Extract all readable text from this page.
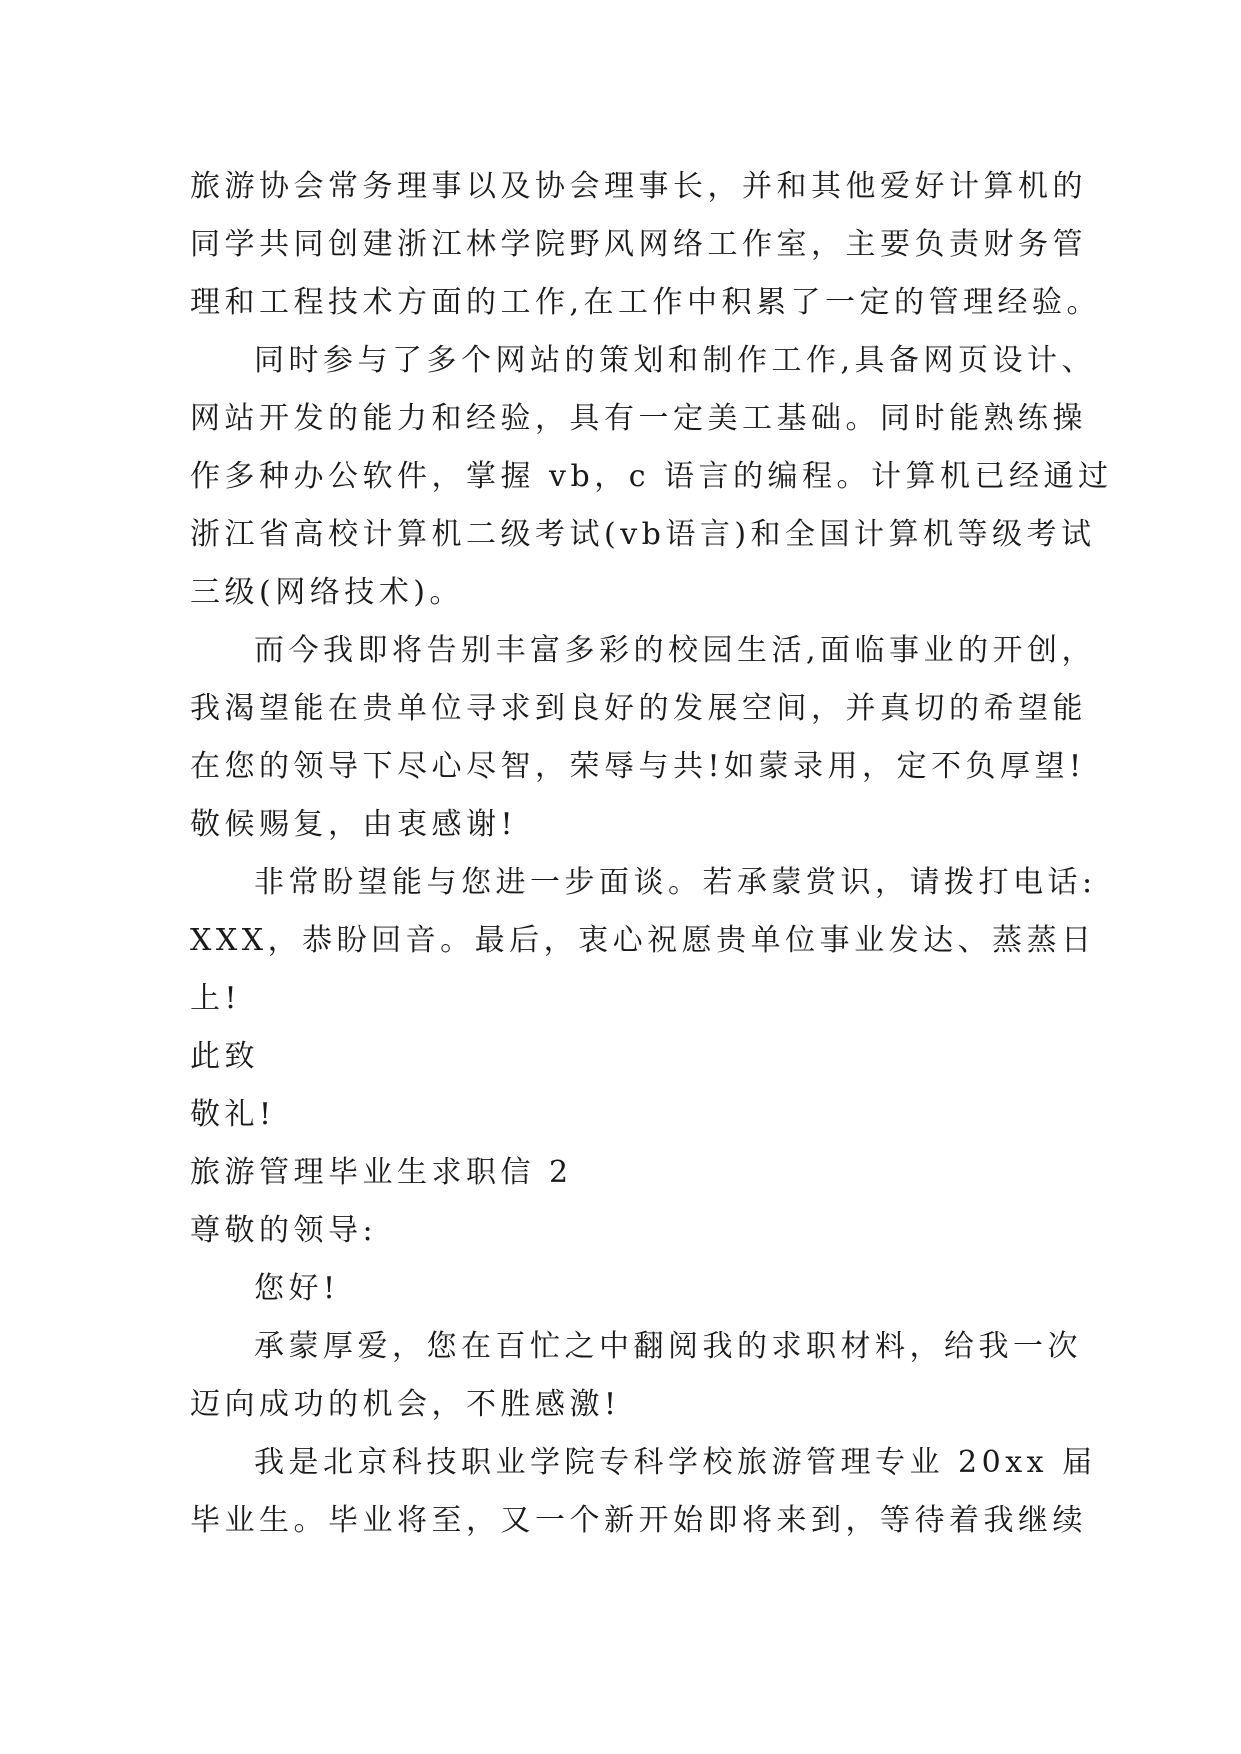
旅游协会常务理事以及协会理事长，并和其他爱好计算机的
同学共同创建浙江林学院野风网络工作室，主要负责财务管
理和工程技术方面的工作,在工作中积累了一定的管理经验。
同时参与了多个网站的策划和制作工作,具备网页设计、
网站开发的能力和经验，具有一定美工基础。同时能熟练操
作多种办公软件，掌握 vb，c 语言的编程。计算机已经通过
浙江省高校计算机二级考试(vb语言)和全国计算机等级考试
三级(网络技术)。
而今我即将告别丰富多彩的校园生活,面临事业的开创，
我渴望能在贵单位寻求到良好的发展空间，并真切的希望能
在您的领导下尽心尽智，荣辱与共!如蒙录用，定不负厚望!
敬候赐复，由衷感谢!
非常盼望能与您进一步面谈。若承蒙赏识，请拨打电话:
XXX，恭盼回音。最后，衷心祝愿贵单位事业发达、蒸蒸日
上!
此致
敬礼!
旅游管理毕业生求职信 2
尊敬的领导:
您好!
承蒙厚爱，您在百忙之中翻阅我的求职材料，给我一次
迈向成功的机会，不胜感激!
我是北京科技职业学院专科学校旅游管理专业 20xx 届
毕业生。毕业将至，又一个新开始即将来到，等待着我继续
